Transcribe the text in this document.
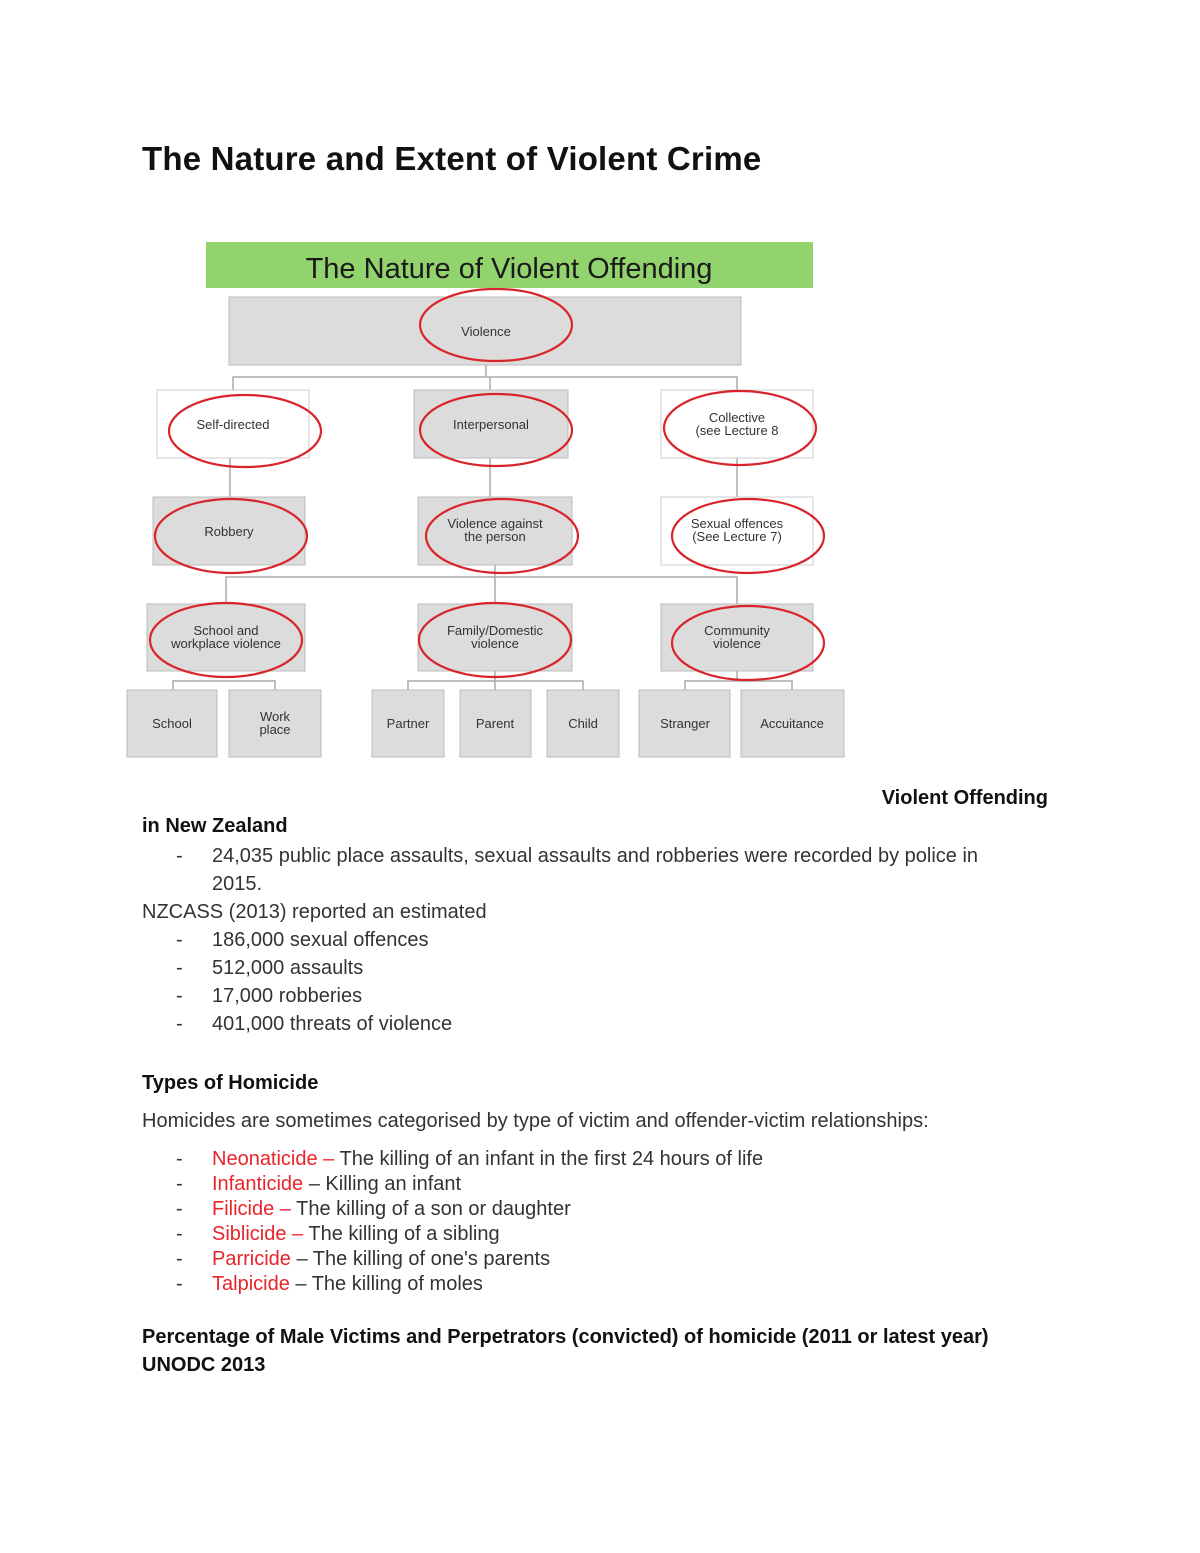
The Nature and Extent of Violent Crime
The Nature of Violent Offending
Violence
Self-directed	Interpersonal	Collective (see Lecture 8
Robbery
Violence against the person
Sexual offences (See Lecture 7)
School and workplace violence
Family/Domestic violence
Community violence
School	Work place	Partner	Parent	Child	Stranger	Accuitance

Violent Offending

in New Zealand

- 24,035 public place assaults, sexual assaults and robberies were recorded by police in
2015.

NZCASS (2013) reported an estimated

- 186,000 sexual offences
- 512,000 assaults
- 17,000 robberies
- 401,000 threats of violence

Types of Homicide

Homicides are sometimes categorised by type of victim and offender-victim relationships:

- Neonaticide – The killing of an infant in the first 24 hours of life
- Infanticide – Killing an infant
- Filicide – The killing of a son or daughter
- Siblicide – The killing of a sibling
- Parricide – The killing of one's parents
- Talpicide – The killing of moles

Percentage of Male Victims and Perpetrators (convicted) of homicide (2011 or latest year)

UNODC 2013
